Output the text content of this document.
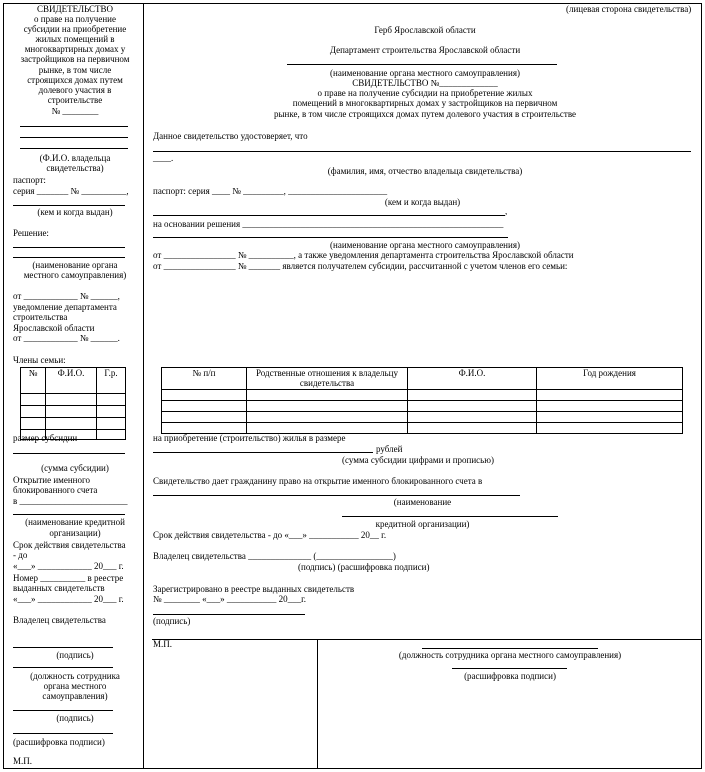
СВИДЕТЕЛЬСТВО
о праве на получение
субсидии на приобретение
жилых помещений в
многоквартирных домах у
застройщиков на первичном
рынке, в том числе
строящихся домах путем
долевого участия в
строительстве
№ ________
(Ф.И.О. владельца
свидетельства)
паспорт:
серия _______ № __________,
(кем и когда выдан)
Решение:
(наименование органа
местного самоуправления)
от ____________ № ______,
уведомление департамента
строительства
Ярославской области
от ____________ № ______.
Члены семьи:
№	Ф.И.О.	Г.р.

размер субсидии
(сумма субсидии)
Открытие именного
блокированного счета
в ________________________
(наименование кредитной
организации)
Срок действия свидетельства
- до
«___» ____________ 20___ г.
Номер __________ в реестре
выданных свидетельств
«___» ____________ 20___ г.
Владелец свидетельства
(подпись)
(должность сотрудника
органа местного
самоуправления)
(подпись)
(расшифровка подписи)
М.П.
(лицевая сторона свидетельства)
Герб Ярославской области
Департамент строительства Ярославской области
(наименование органа местного самоуправления)
СВИДЕТЕЛЬСТВО №_____________
о праве на получение субсидии на приобретение жилых
помещений в многоквартирных домах у застройщиков на первичном
рынке, в том числе строящихся домах путем долевого участия в строительстве
Данное свидетельство удостоверяет, что
____.
(фамилия, имя, отчество владельца свидетельства)
паспорт: серия ____ № _________, ______________________
(кем и когда выдан)
,
на основании решения __________________________________________________________
(наименование органа местного самоуправления)
от ________________ № __________, а также уведомления департамента строительства Ярославской области
от ________________ № _______ является получателем субсидии, рассчитанной с учетом членов его семьи:
№ п/п	Родственные отношения к владельцу свидетельства	Ф.И.О.	Год рождения

на приобретение (строительство) жилья в размере
рублей
(сумма субсидии цифрами и прописью)
Свидетельство дает гражданину право на открытие именного блокированного счета в
(наименование
кредитной организации)
Срок действия свидетельства - до «___» ___________ 20__ г.
Владелец свидетельства ______________ (_________________)
(подпись) (расшифровка подписи)
Зарегистрировано в реестре выданных свидетельств
№ ________ «___» ___________ 20___г.
(подпись)
М.П.
(должность сотрудника органа местного самоуправления)
(расшифровка подписи)
